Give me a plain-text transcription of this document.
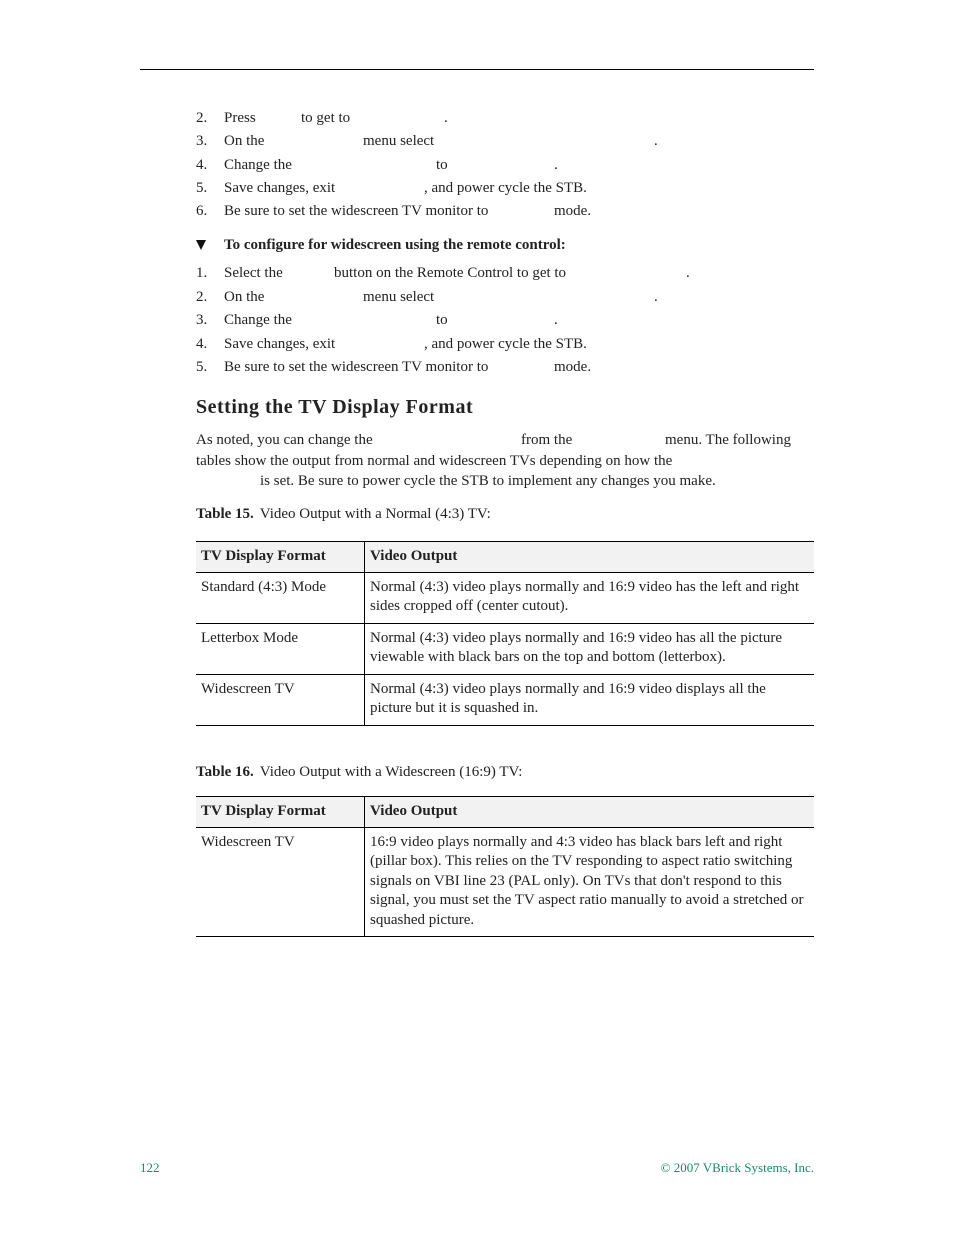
2. Press	to get to	.
3. On the	menu select	.
4. Change the	to	.
5. Save changes, exit	, and power cycle the STB.
6. Be sure to set the widescreen TV monitor to	mode.
To configure for widescreen using the remote control:
1. Select the	button on the Remote Control to get to	.
2. On the	menu select	.
3. Change the	to	.
4. Save changes, exit	, and power cycle the STB.
5. Be sure to set the widescreen TV monitor to	mode.
Setting the TV Display Format
As noted, you can change the	from the	menu. The following
tables show the output from normal and widescreen TVs depending on how the
is set. Be sure to power cycle the STB to implement any changes you make.
Table 15. Video Output with a Normal (4:3) TV:
TV Display Format	Video Output
Standard (4:3) Mode	Normal (4:3) video plays normally and 16:9 video has the left and right sides cropped off (center cutout).
Letterbox Mode	Normal (4:3) video plays normally and 16:9 video has all the picture viewable with black bars on the top and bottom (letterbox).
Widescreen TV	Normal (4:3) video plays normally and 16:9 video displays all the picture but it is squashed in.
Table 16. Video Output with a Widescreen (16:9) TV:
TV Display Format	Video Output
Widescreen TV	16:9 video plays normally and 4:3 video has black bars left and right (pillar box). This relies on the TV responding to aspect ratio switching signals on VBI line 23 (PAL only). On TVs that don't respond to this signal, you must set the TV aspect ratio manually to avoid a stretched or squashed picture.
122	© 2007 VBrick Systems, Inc.
